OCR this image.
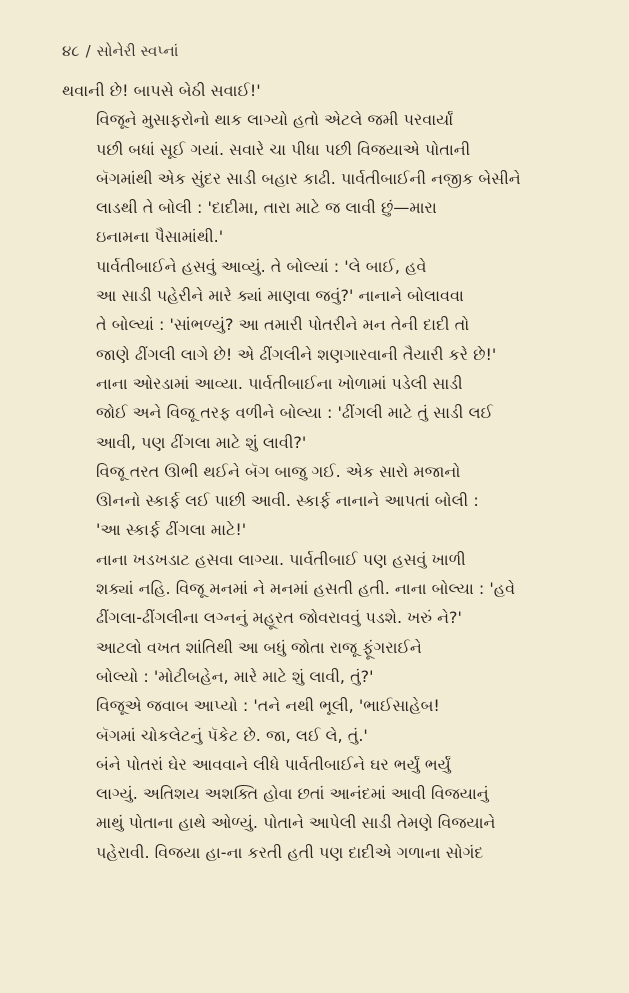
૪૮ / સોનેરી સ્વપ્નાં

થવાની છે! બાપસે બેઠી સવાઈ!'

વિજૂને મુસાફરોનો થાક લાગ્યો હતો એટલે જમી પરવાર્યાં
પછી બધાં સૂઈ ગયાં. સવારે ચા પીધા પછી વિજયાએ પોતાની
બૅગમાંથી એક સુંદર સાડી બહાર કાઢી. પાર્વતીબાઈની નજીક બેસીને
લાડથી તે બોલી : 'દાદીમા, તારા માટે જ લાવી છું—મારા
ઇનામના પૈસામાંથી.'

પાર્વતીબાઈને હસવું આવ્યું. તે બોલ્યાં : 'લે બાઈ, હવે
આ સાડી પહેરીને મારે ક્યાં માણવા જવું?' નાનાને બોલાવવા
તે બોલ્યાં : 'સાંભળ્યું? આ તમારી પોતરીને મન તેની દાદી તો
જાણે ઢીંગલી લાગે છે! એ ઢીંગલીને શણગારવાની તૈયારી કરે છે!'

નાના ઓરડામાં આવ્યા. પાર્વતીબાઈના ખોળામાં પડેલી સાડી
જોઈ અને વિજૂ તરફ વળીને બોલ્યા : 'ઢીંગલી માટે તું સાડી લઈ
આવી, પણ ઢીંગલા માટે શું લાવી?'

વિજૂ તરત ઊભી થઈને બૅગ બાજુ ગઈ. એક સારો મજાનો
ઊનનો સ્કાર્ફ લઈ પાછી આવી. સ્કાર્ફ નાનાને આપતાં બોલી :
'આ સ્કાર્ફ ઢીંગલા માટે!'

નાના ખડખડાટ હસવા લાગ્યા. પાર્વતીબાઈ પણ હસવું ખાળી
શક્યાં નહિ. વિજૂ મનમાં ને મનમાં હસતી હતી. નાના બોલ્યા : 'હવે
ઢીંગલા-ઢીંગલીના લગ્નનું મહૂરત જોવરાવવું પડશે. ખરું ને?'

આટલો વખત શાંતિથી આ બધું જોતા રાજૂ ફૂંગરાઈને
બોલ્યો : 'મોટીબહેન, મારે માટે શું લાવી, તું?'

વિજૂએ જવાબ આપ્યો : 'તને નથી ભૂલી, 'ભાઈસાહેબ!
બૅગમાં ચોકલેટનું પૅકેટ છે. જા, લઈ લે, તું.'

બંને પોતરાં ઘેર આવવાને લીધે પાર્વતીબાઈને ઘર ભર્યું ભર્યું
લાગ્યું. અતિશય અશક્તિ હોવા છતાં આનંદમાં આવી વિજયાનું
માથું પોતાના હાથે ઓળ્યું. પોતાને આપેલી સાડી તેમણે વિજયાને
પહેરાવી. વિજયા હા-ના કરતી હતી પણ દાદીએ ગળાના સોગંદ
